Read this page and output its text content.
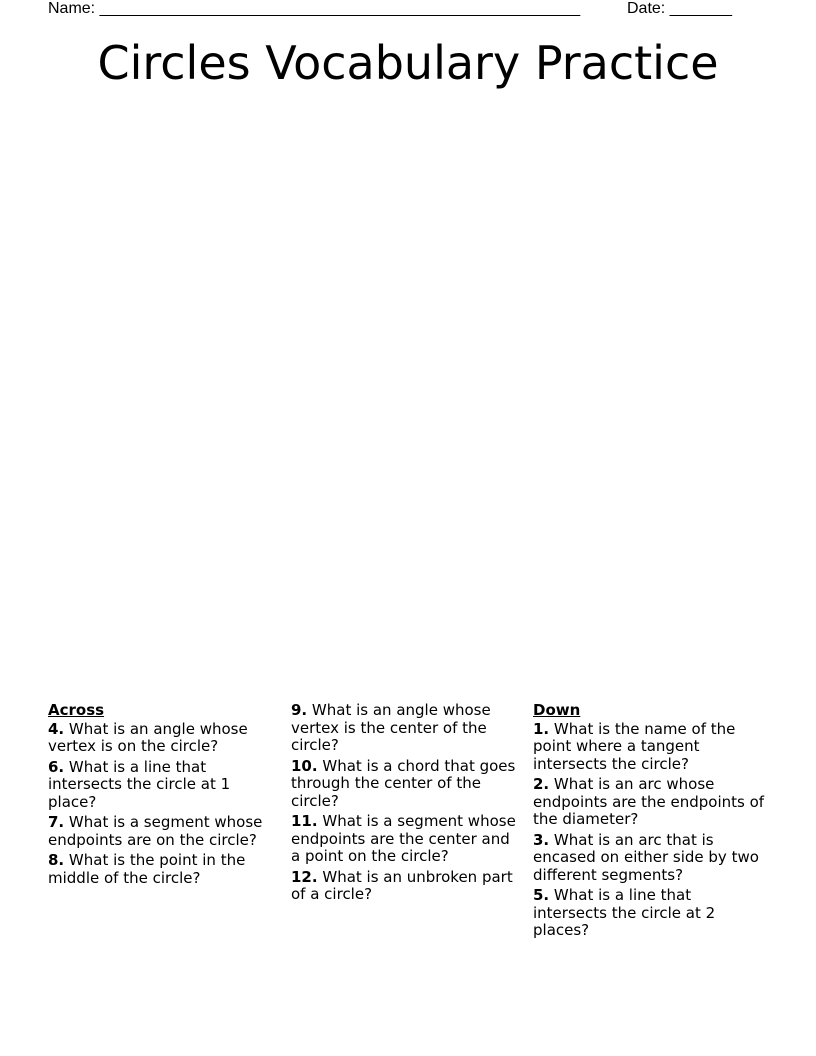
Name: ______________________________________________________	Date: _______
Circles Vocabulary Practice
Across
4. What is an angle whose vertex is on the circle?
6. What is a line that intersects the circle at 1 place?
7. What is a segment whose endpoints are on the circle?
8. What is the point in the middle of the circle?
9. What is an angle whose vertex is the center of the circle?
10. What is a chord that goes through the center of the circle?
11. What is a segment whose endpoints are the center and a point on the circle?
12. What is an unbroken part of a circle?
Down
1. What is the name of the point where a tangent intersects the circle?
2. What is an arc whose endpoints are the endpoints of the diameter?
3. What is an arc that is encased on either side by two different segments?
5. What is a line that intersects the circle at 2 places?
